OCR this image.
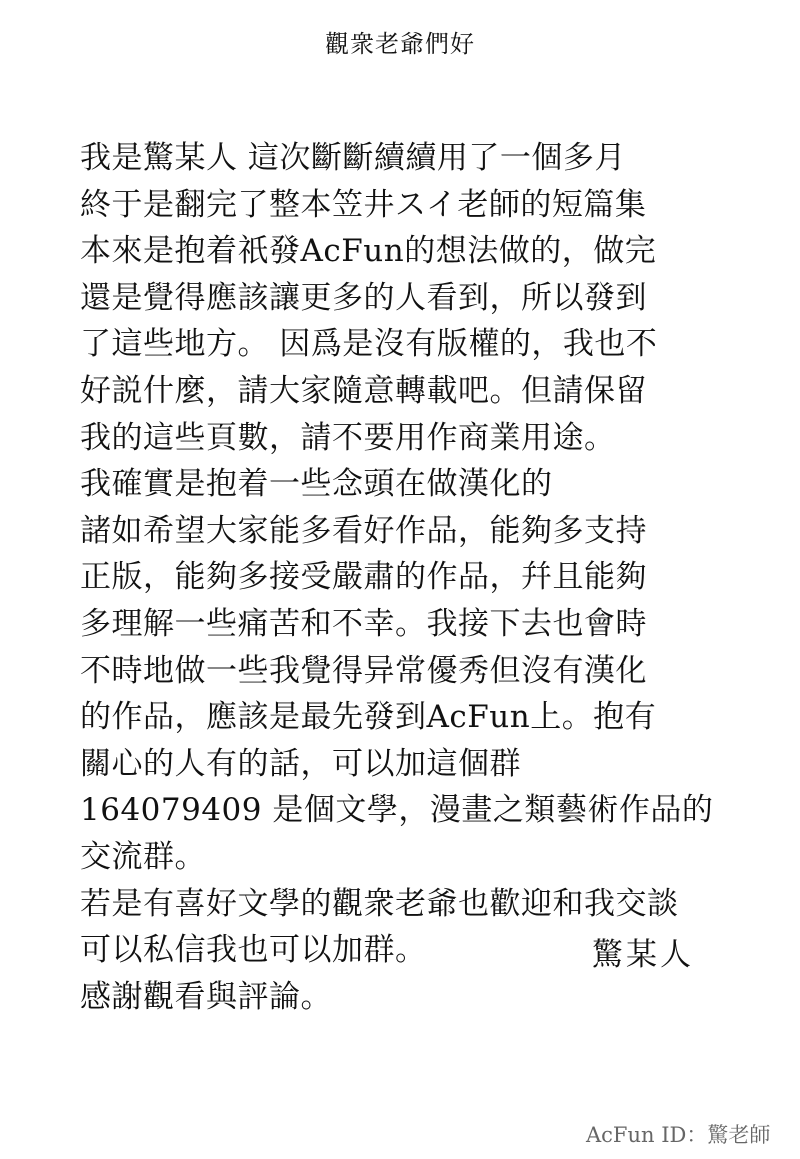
觀衆老爺們好
我是驚某人 這次斷斷續續用了一個多月
終于是翻完了整本笠井スイ老師的短篇集
本來是抱着祇發AcFun的想法做的，做完
還是覺得應該讓更多的人看到，所以發到
了這些地方。 因爲是沒有版權的，我也不
好説什麼，請大家隨意轉載吧。但請保留
我的這些頁數，請不要用作商業用途。
我確實是抱着一些念頭在做漢化的
諸如希望大家能多看好作品，能夠多支持
正版，能夠多接受嚴肅的作品，幷且能夠
多理解一些痛苦和不幸。我接下去也會時
不時地做一些我覺得异常優秀但沒有漢化
的作品，應該是最先發到AcFun上。抱有
關心的人有的話，可以加這個群
164079409 是個文學，漫畫之類藝術作品的
交流群。
若是有喜好文學的觀衆老爺也歡迎和我交談
可以私信我也可以加群。
感謝觀看與評論。
驚某人
AcFun ID：驚老師
